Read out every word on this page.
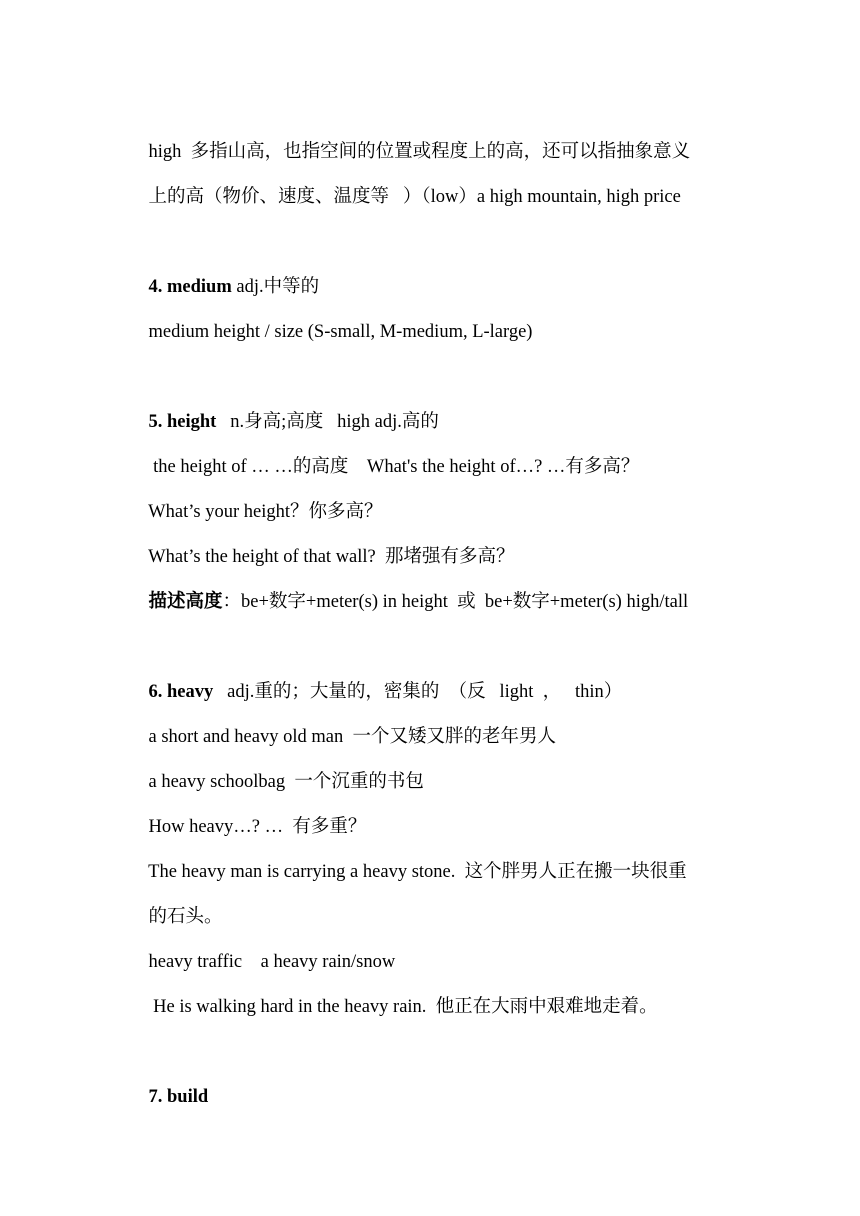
high  多指山高，也指空间的位置或程度上的高，还可以指抽象意义

上的高（物价、速度、温度等   ）（low）a high mountain, high price

4. medium adj.中等的

medium height / size (S-small, M-medium, L-large)

5. height   n.身高;高度   high adj.高的

the height of … …的高度    What's the height of…? …有多高？

What’s your height？你多高？

What’s the height of that wall?  那堵强有多高？

描述高度：be+数字+meter(s) in height  或  be+数字+meter(s) high/tall

6. heavy   adj.重的；大量的，密集的  （反   light  ，   thin）

a short and heavy old man  一个又矮又胖的老年男人

a heavy schoolbag  一个沉重的书包

How heavy…? …  有多重？

The heavy man is carrying a heavy stone.  这个胖男人正在搬一块很重

的石头。

heavy traffic    a heavy rain/snow

He is walking hard in the heavy rain.  他正在大雨中艰难地走着。

7. build
